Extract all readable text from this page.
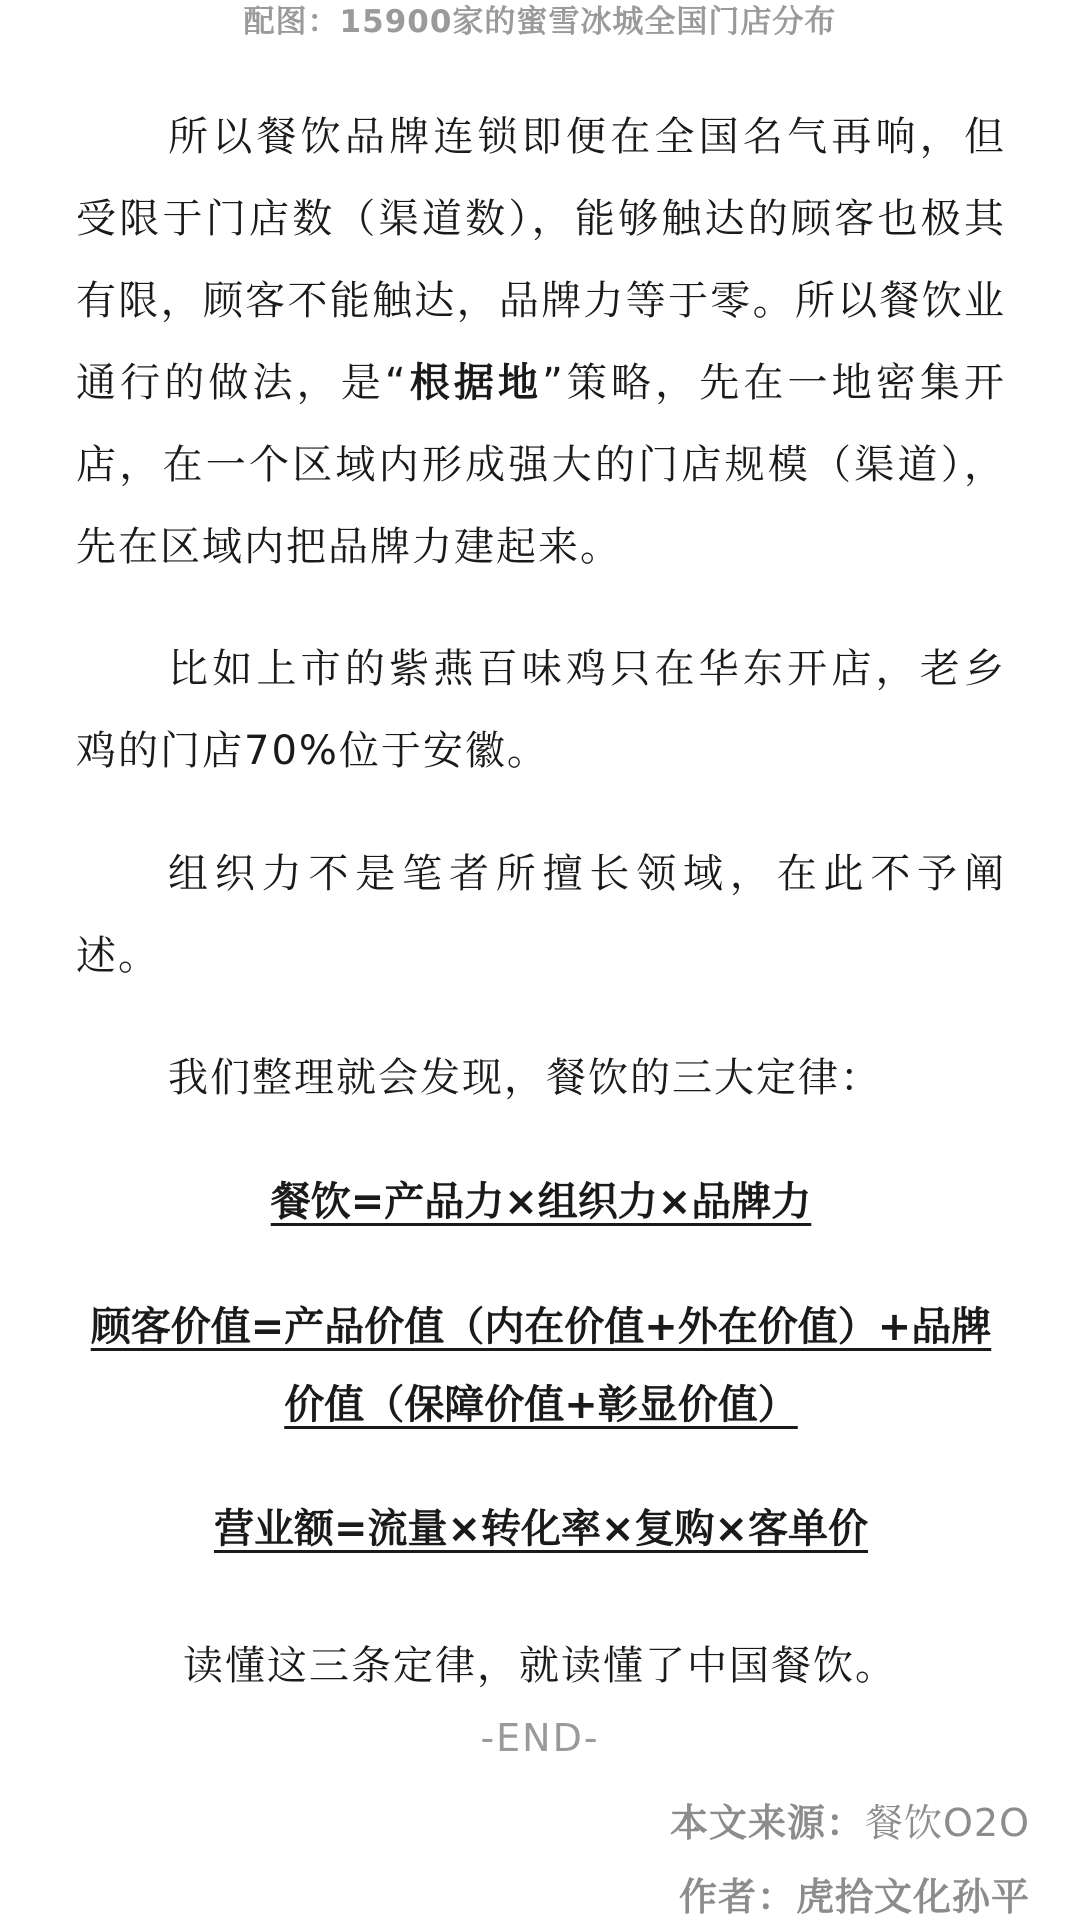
配图：15900家的蜜雪冰城全国门店分布

所以餐饮品牌连锁即便在全国名气再响，但受限于门店数（渠道数），能够触达的顾客也极其有限，顾客不能触达，品牌力等于零。所以餐饮业通行的做法，是“根据地”策略，先在一地密集开店，在一个区域内形成强大的门店规模（渠道），先在区域内把品牌力建起来。

比如上市的紫燕百味鸡只在华东开店，老乡鸡的门店70%位于安徽。

组织力不是笔者所擅长领域，在此不予阐述。

我们整理就会发现，餐饮的三大定律：

餐饮=产品力×组织力×品牌力

顾客价值=产品价值（内在价值+外在价值）+品牌价值（保障价值+彰显价值）

营业额=流量×转化率×复购×客单价

读懂这三条定律，就读懂了中国餐饮。

-END-

本文来源：餐饮O2O

作者：虎拾文化孙平
